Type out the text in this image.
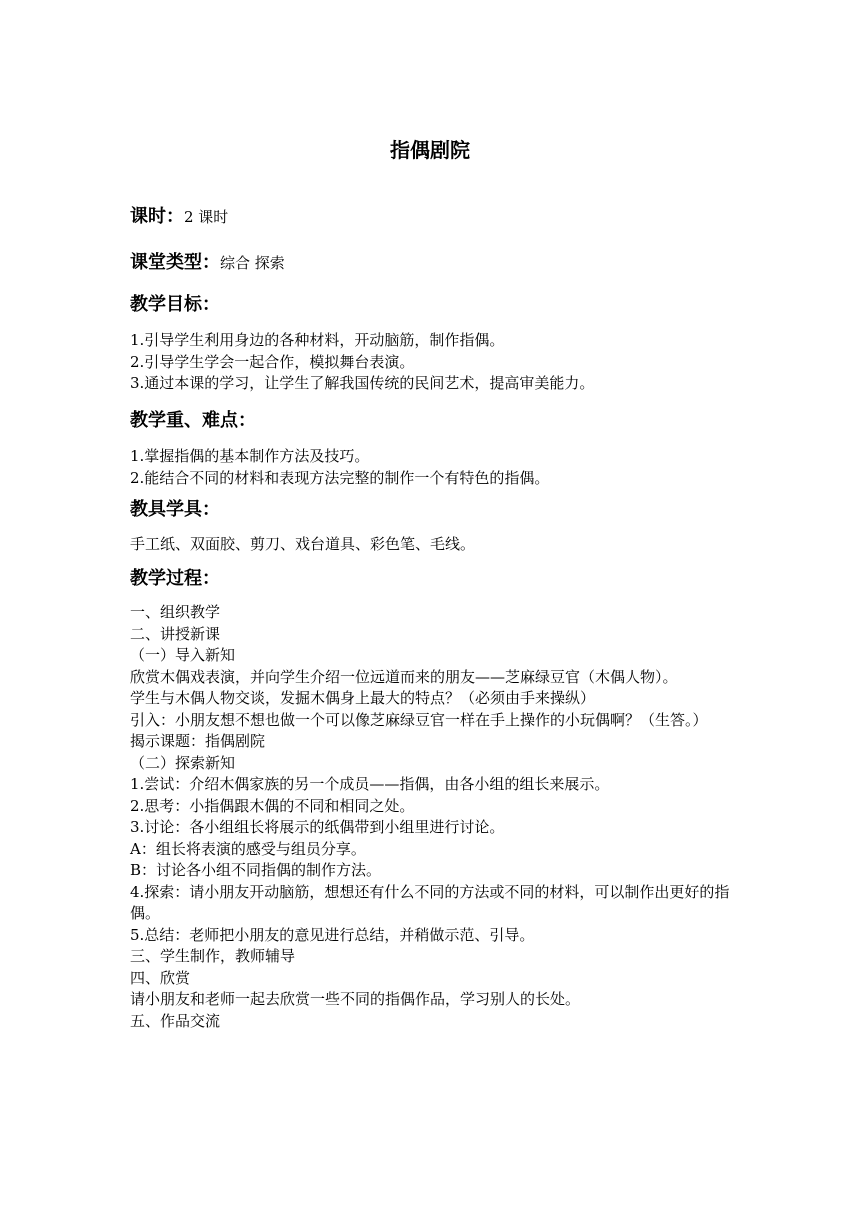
指偶剧院
课时：2 课时
课堂类型：综合 探索
教学目标：

1.引导学生利用身边的各种材料，开动脑筋，制作指偶。

2.引导学生学会一起合作，模拟舞台表演。

3.通过本课的学习，让学生了解我国传统的民间艺术，提高审美能力。

教学重、难点：

1.掌握指偶的基本制作方法及技巧。

2.能结合不同的材料和表现方法完整的制作一个有特色的指偶。

教具学具：

手工纸、双面胶、剪刀、戏台道具、彩色笔、毛线。

教学过程：

一、组织教学

二、讲授新课

（一）导入新知

欣赏木偶戏表演，并向学生介绍一位远道而来的朋友——芝麻绿豆官（木偶人物）。

学生与木偶人物交谈，发掘木偶身上最大的特点？（必须由手来操纵）

引入：小朋友想不想也做一个可以像芝麻绿豆官一样在手上操作的小玩偶啊？（生答。）

揭示课题：指偶剧院

（二）探索新知

1.尝试：介绍木偶家族的另一个成员——指偶，由各小组的组长来展示。

2.思考：小指偶跟木偶的不同和相同之处。

3.讨论：各小组组长将展示的纸偶带到小组里进行讨论。

A：组长将表演的感受与组员分享。

B：讨论各小组不同指偶的制作方法。

4.探索：请小朋友开动脑筋，想想还有什么不同的方法或不同的材料，可以制作出更好的指偶。

5.总结：老师把小朋友的意见进行总结，并稍做示范、引导。

三、学生制作，教师辅导

四、欣赏

请小朋友和老师一起去欣赏一些不同的指偶作品，学习别人的长处。

五、作品交流
